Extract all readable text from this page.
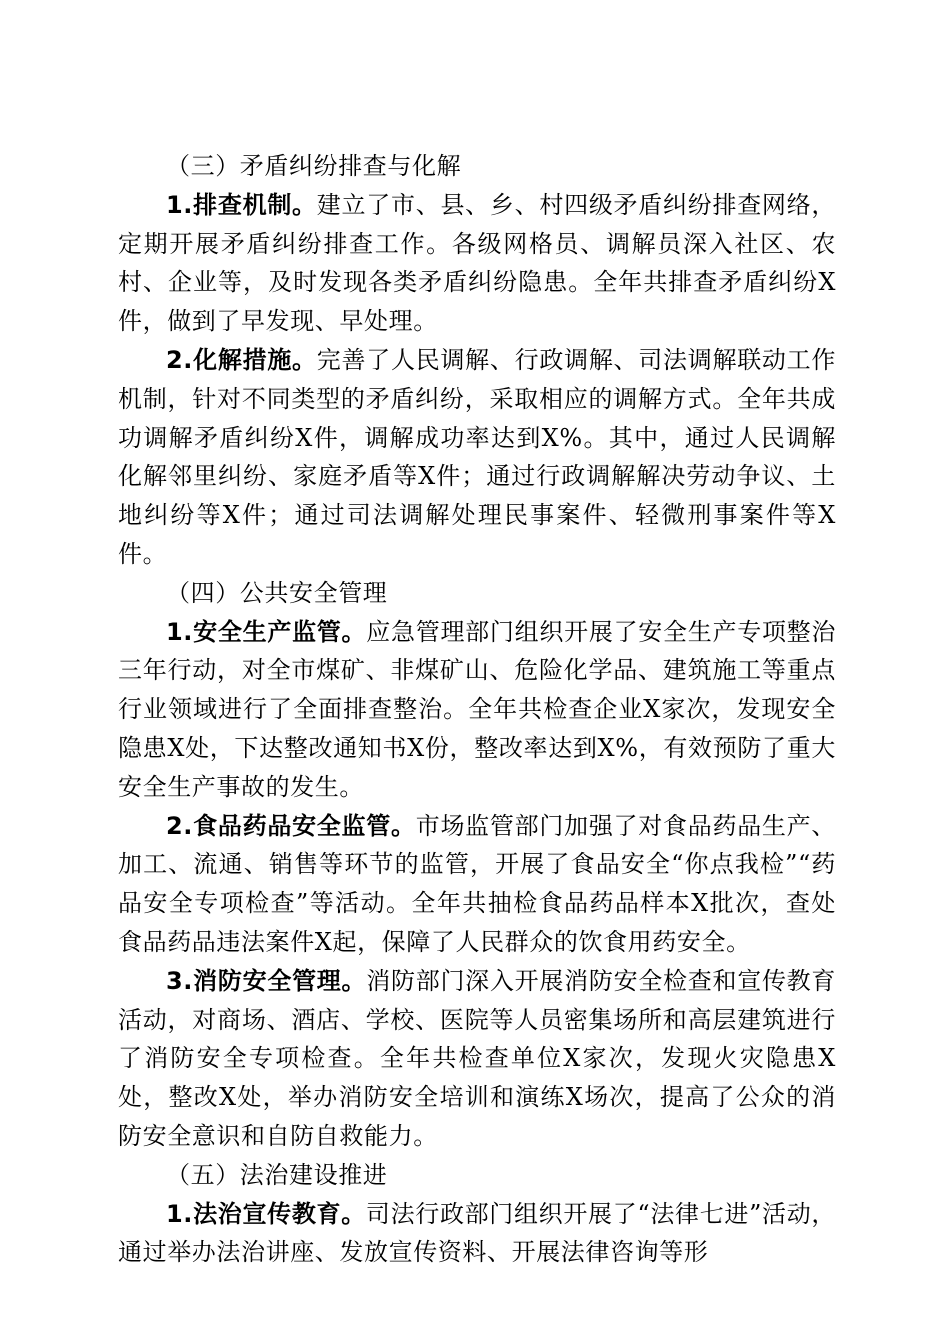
（三）矛盾纠纷排查与化解

1.排查机制。建立了市、县、乡、村四级矛盾纠纷排查网络，定期开展矛盾纠纷排查工作。各级网格员、调解员深入社区、农村、企业等，及时发现各类矛盾纠纷隐患。全年共排查矛盾纠纷X件，做到了早发现、早处理。

2.化解措施。完善了人民调解、行政调解、司法调解联动工作机制，针对不同类型的矛盾纠纷，采取相应的调解方式。全年共成功调解矛盾纠纷X件，调解成功率达到X%。其中，通过人民调解化解邻里纠纷、家庭矛盾等X件；通过行政调解解决劳动争议、土地纠纷等X件；通过司法调解处理民事案件、轻微刑事案件等X件。

（四）公共安全管理

1.安全生产监管。应急管理部门组织开展了安全生产专项整治三年行动，对全市煤矿、非煤矿山、危险化学品、建筑施工等重点行业领域进行了全面排查整治。全年共检查企业X家次，发现安全隐患X处，下达整改通知书X份，整改率达到X%，有效预防了重大安全生产事故的发生。

2.食品药品安全监管。市场监管部门加强了对食品药品生产、加工、流通、销售等环节的监管，开展了食品安全“你点我检”“药品安全专项检查”等活动。全年共抽检食品药品样本X批次，查处食品药品违法案件X起，保障了人民群众的饮食用药安全。

3.消防安全管理。消防部门深入开展消防安全检查和宣传教育活动，对商场、酒店、学校、医院等人员密集场所和高层建筑进行了消防安全专项检查。全年共检查单位X家次，发现火灾隐患X处，整改X处，举办消防安全培训和演练X场次，提高了公众的消防安全意识和自防自救能力。

（五）法治建设推进

1.法治宣传教育。司法行政部门组织开展了“法律七进”活动，通过举办法治讲座、发放宣传资料、开展法律咨询等形
